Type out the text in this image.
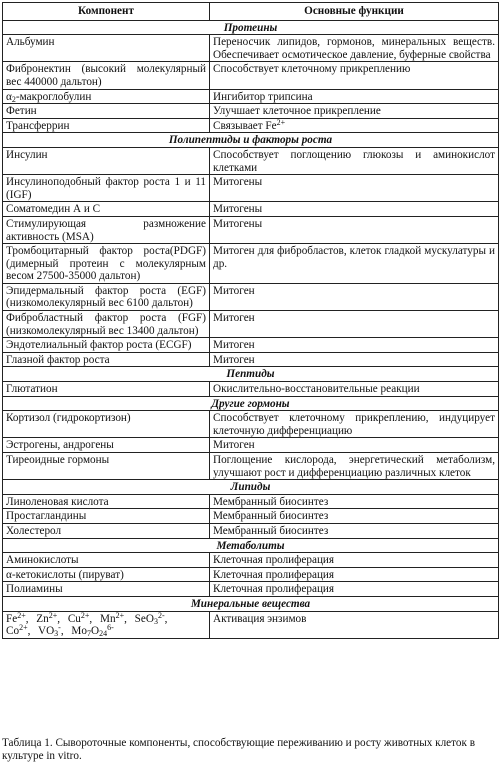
Компонент	Основные функции
Протеины	
Альбумин	Переносчик липидов, гормонов, минеральных веществ. Обеспечивает осмотическое давление, буферные свойства
Фибронектин (высокий молекулярный вес 440000 дальтон)	Способствует клеточному прикреплению
$\alpha_2$-макроглобулин	Ингибитор трипсина
Фетин	Улучшает клеточное прикрепление
Трансферрин	Связывает $Fe^{2+}$
Полипептиды и факторы роста	
Инсулин	Способствует поглощению глюкозы и аминокислот клетками
Инсулиноподобный фактор роста 1 и 11 (IGF)	Митогены
Соматомедин А и С	Митогены
Стимулирующая размножение активность (MSA)	Митогены
Тромбоцитарный фактор роста(PDGF) (димерный протеин с молекулярным весом 27500-35000 дальтон)	Митоген для фибробластов, клеток гладкой мускулатуры и др.
Эпидермальный фактор роста (EGF) (низкомолекулярный вес 6100 дальтон)	Митоген
Фибробластный фактор роста (FGF) (низкомолекулярный вес 13400 дальтон)	Митоген
Эндотелиальный фактор роста (ECGF)	Митоген
Глазной фактор роста	Митоген
Пептиды	
Глютатион	Окислительно-восстановительные реакции
Другие гормоны	
Кортизол (гидрокортизон)	Способствует клеточному прикреплению, индуцирует клеточную дифференциацию
Эстрогены, андрогены	Митоген
Тиреоидные гормоны	Поглощение кислорода, энергетический метаболизм, улучшают рост и дифференциацию различных клеток
Липиды	
Линоленовая кислота	Мембранный биосинтез
Простагландины	Мембранный биосинтез
Холестерол	Мембранный биосинтез
Метаболиты	
Аминокислоты	Клеточная пролиферация
α-кетокислоты (пируват)	Клеточная пролиферация
Полиамины	Клеточная пролиферация
Минеральные вещества	
$Fe^{2+}$, $Zn^{2+}$, $Cu^{2+}$, $Mn^{2+}$, SeO$_3^{2-}$,
$Co^{2+}$, $VO_3^-$, $Mo_7O_{24}^{6-}$	Активация энзимов
Таблица 1. Сывороточные компоненты, способствующие переживанию и росту животных клеток в культуре in vitro.
